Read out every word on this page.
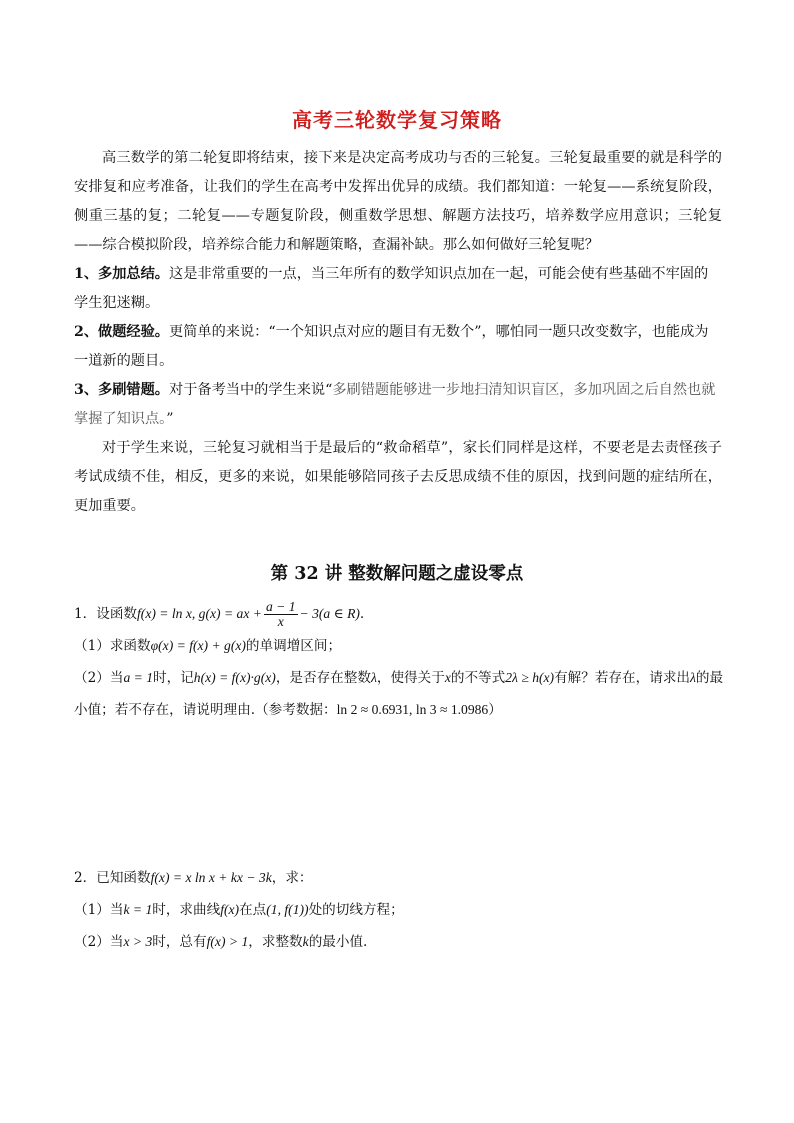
高考三轮数学复习策略

高三数学的第二轮复即将结束，接下来是决定高考成功与否的三轮复。三轮复最重要的就是科学的安排复和应考准备，让我们的学生在高考中发挥出优异的成绩。我们都知道：一轮复——系统复阶段，侧重三基的复；二轮复——专题复阶段，侧重数学思想、解题方法技巧，培养数学应用意识；三轮复——综合模拟阶段，培养综合能力和解题策略，查漏补缺。那么如何做好三轮复呢？

1、多加总结。这是非常重要的一点，当三年所有的数学知识点加在一起，可能会使有些基础不牢固的学生犯迷糊。

2、做题经验。更简单的来说：“一个知识点对应的题目有无数个”，哪怕同一题只改变数字，也能成为一道新的题目。

3、多刷错题。对于备考当中的学生来说“多刷错题能够进一步地扫清知识盲区，多加巩固之后自然也就掌握了知识点。”

对于学生来说，三轮复习就相当于是最后的“救命稻草”，家长们同样是这样，不要老是去责怪孩子考试成绩不佳，相反，更多的来说，如果能够陪同孩子去反思成绩不佳的原因，找到问题的症结所在，更加重要。

第 32 讲 整数解问题之虚设零点

1．设函数f(x) = ln x, g(x) = ax + $\frac{a - 1}{x} - 3(a$ ∈ R).

（1）求函数φ(x) = f(x) + g(x)的单调增区间；

（2）当a = 1时，记h(x) = f(x)·g(x)，是否存在整数λ，使得关于x的不等式2λ ≥ h(x)有解？若存在，请求出λ的最小值；若不存在，请说明理由.（参考数据：ln 2 ≈ 0.6931, ln 3 ≈ 1.0986）

2．已知函数f(x) = x ln x + kx − 3k，求：

（1）当k = 1时，求曲线f(x)在点(1, f(1))处的切线方程；

（2）当x > 3时，总有f(x) > 1，求整数k的最小值.
